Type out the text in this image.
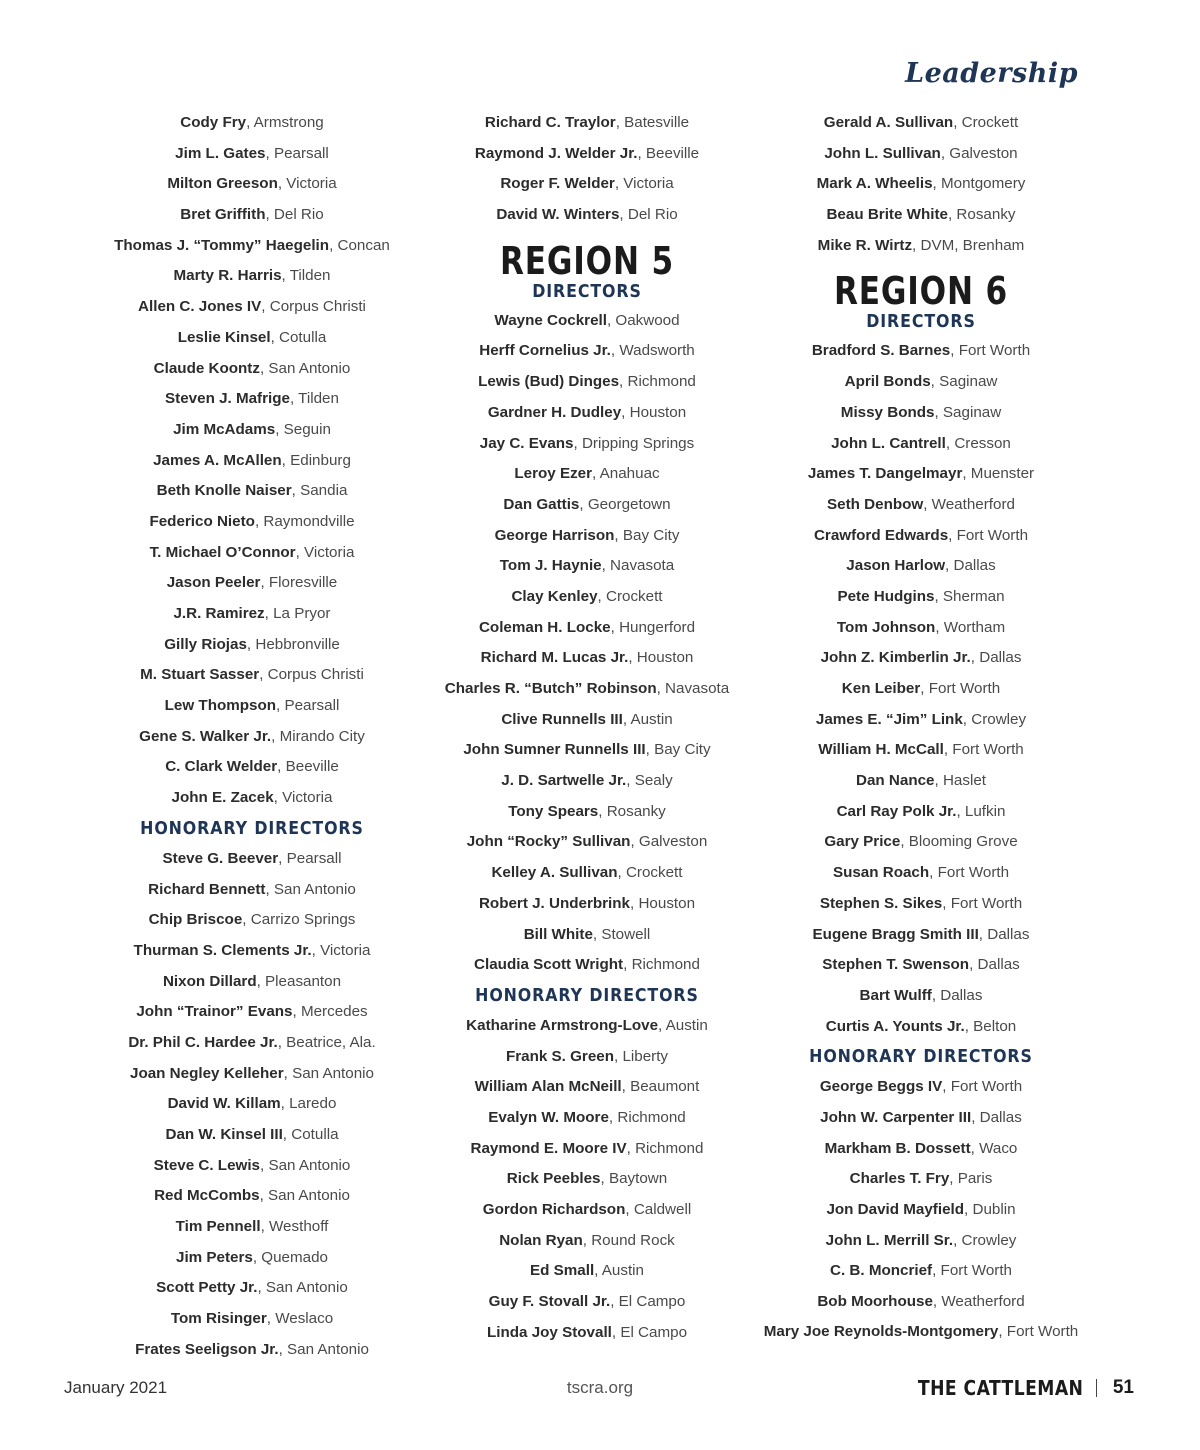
Leadership
Cody Fry, Armstrong
Jim L. Gates, Pearsall
Milton Greeson, Victoria
Bret Griffith, Del Rio
Thomas J. “Tommy” Haegelin, Concan
Marty R. Harris, Tilden
Allen C. Jones IV, Corpus Christi
Leslie Kinsel, Cotulla
Claude Koontz, San Antonio
Steven J. Mafrige, Tilden
Jim McAdams, Seguin
James A. McAllen, Edinburg
Beth Knolle Naiser, Sandia
Federico Nieto, Raymondville
T. Michael O’Connor, Victoria
Jason Peeler, Floresville
J.R. Ramirez, La Pryor
Gilly Riojas, Hebbronville
M. Stuart Sasser, Corpus Christi
Lew Thompson, Pearsall
Gene S. Walker Jr., Mirando City
C. Clark Welder, Beeville
John E. Zacek, Victoria
HONORARY DIRECTORS
Steve G. Beever, Pearsall
Richard Bennett, San Antonio
Chip Briscoe, Carrizo Springs
Thurman S. Clements Jr., Victoria
Nixon Dillard, Pleasanton
John “Trainor” Evans, Mercedes
Dr. Phil C. Hardee Jr., Beatrice, Ala.
Joan Negley Kelleher, San Antonio
David W. Killam, Laredo
Dan W. Kinsel III, Cotulla
Steve C. Lewis, San Antonio
Red McCombs, San Antonio
Tim Pennell, Westhoff
Jim Peters, Quemado
Scott Petty Jr., San Antonio
Tom Risinger, Weslaco
Frates Seeligson Jr., San Antonio
Richard C. Traylor, Batesville
Raymond J. Welder Jr., Beeville
Roger F. Welder, Victoria
David W. Winters, Del Rio
REGION 5
DIRECTORS
Wayne Cockrell, Oakwood
Herff Cornelius Jr., Wadsworth
Lewis (Bud) Dinges, Richmond
Gardner H. Dudley, Houston
Jay C. Evans, Dripping Springs
Leroy Ezer, Anahuac
Dan Gattis, Georgetown
George Harrison, Bay City
Tom J. Haynie, Navasota
Clay Kenley, Crockett
Coleman H. Locke, Hungerford
Richard M. Lucas Jr., Houston
Charles R. “Butch” Robinson, Navasota
Clive Runnells III, Austin
John Sumner Runnells III, Bay City
J. D. Sartwelle Jr., Sealy
Tony Spears, Rosanky
John “Rocky” Sullivan, Galveston
Kelley A. Sullivan, Crockett
Robert J. Underbrink, Houston
Bill White, Stowell
Claudia Scott Wright, Richmond
HONORARY DIRECTORS
Katharine Armstrong-Love, Austin
Frank S. Green, Liberty
William Alan McNeill, Beaumont
Evalyn W. Moore, Richmond
Raymond E. Moore IV, Richmond
Rick Peebles, Baytown
Gordon Richardson, Caldwell
Nolan Ryan, Round Rock
Ed Small, Austin
Guy F. Stovall Jr., El Campo
Linda Joy Stovall, El Campo
Gerald A. Sullivan, Crockett
John L. Sullivan, Galveston
Mark A. Wheelis, Montgomery
Beau Brite White, Rosanky
Mike R. Wirtz, DVM, Brenham
REGION 6
DIRECTORS
Bradford S. Barnes, Fort Worth
April Bonds, Saginaw
Missy Bonds, Saginaw
John L. Cantrell, Cresson
James T. Dangelmayr, Muenster
Seth Denbow, Weatherford
Crawford Edwards, Fort Worth
Jason Harlow, Dallas
Pete Hudgins, Sherman
Tom Johnson, Wortham
John Z. Kimberlin Jr., Dallas
Ken Leiber, Fort Worth
James E. “Jim” Link, Crowley
William H. McCall, Fort Worth
Dan Nance, Haslet
Carl Ray Polk Jr., Lufkin
Gary Price, Blooming Grove
Susan Roach, Fort Worth
Stephen S. Sikes, Fort Worth
Eugene Bragg Smith III, Dallas
Stephen T. Swenson, Dallas
Bart Wulff, Dallas
Curtis A. Younts Jr., Belton
HONORARY DIRECTORS
George Beggs IV, Fort Worth
John W. Carpenter III, Dallas
Markham B. Dossett, Waco
Charles T. Fry, Paris
Jon David Mayfield, Dublin
John L. Merrill Sr., Crowley
C. B. Moncrief, Fort Worth
Bob Moorhouse, Weatherford
Mary Joe Reynolds-Montgomery, Fort Worth
January 2021	tscra.org	THE CATTLEMAN 51
